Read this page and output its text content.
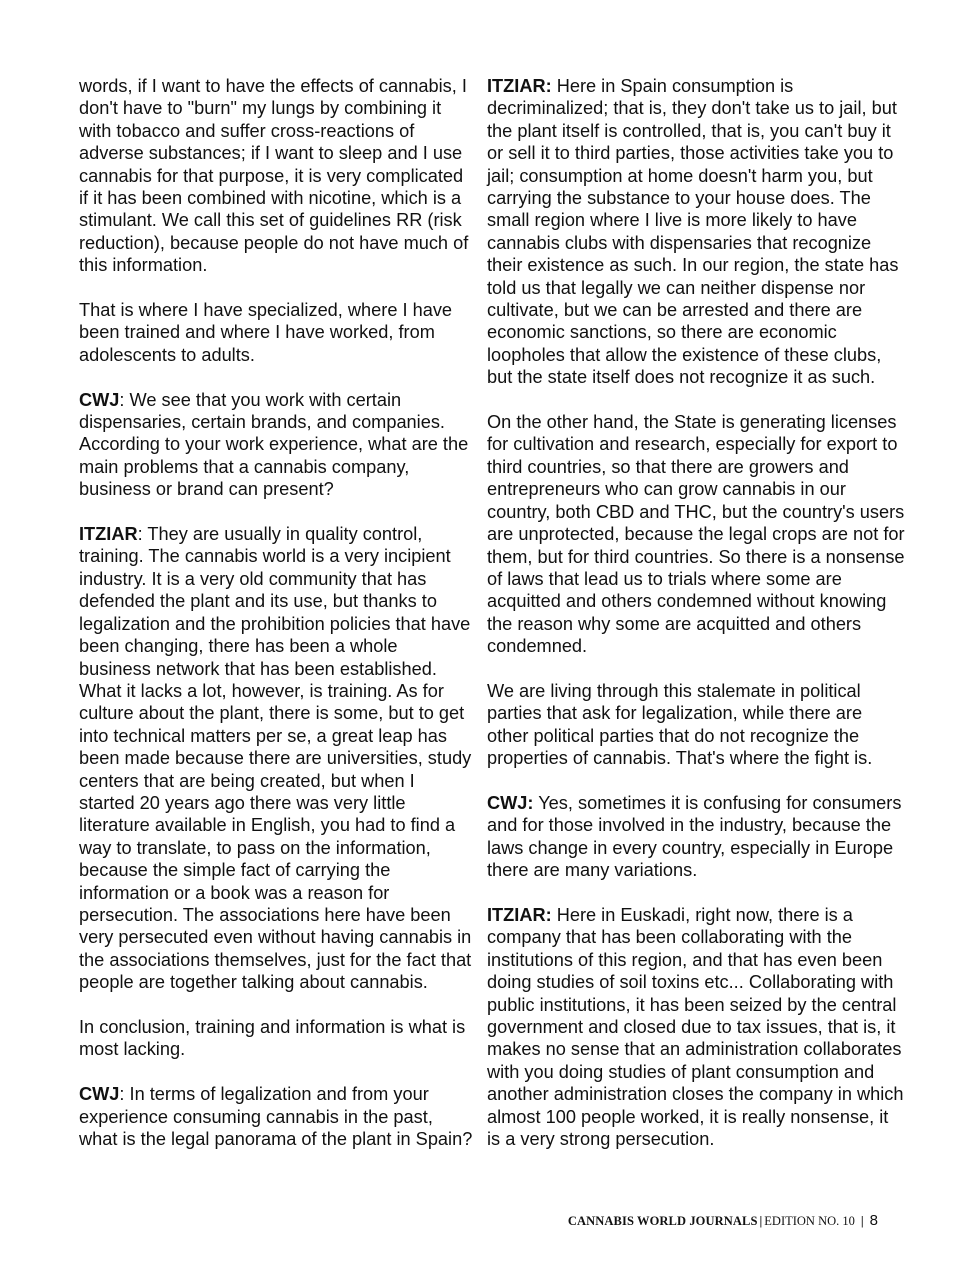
words, if I want to have the effects of cannabis, I don't have to "burn" my lungs by combining it with tobacco and suffer cross-reactions of adverse substances; if I want to sleep and I use cannabis for that purpose, it is very complicated if it has been combined with nicotine, which is a stimulant. We call this set of guidelines RR (risk reduction), because people do not have much of this information.

That is where I have specialized, where I have been trained and where I have worked, from adolescents to adults.

CWJ: We see that you work with certain dispensaries, certain brands, and companies. According to your work experience, what are the main problems that a cannabis company, business or brand can present?

ITZIAR: They are usually in quality control, training. The cannabis world is a very incipient industry. It is a very old community that has defended the plant and its use, but thanks to legalization and the prohibition policies that have been changing, there has been a whole business network that has been established. What it lacks a lot, however, is training. As for culture about the plant, there is some, but to get into technical matters per se, a great leap has been made because there are universities, study centers that are being created, but when I started 20 years ago there was very little literature available in English, you had to find a way to translate, to pass on the information, because the simple fact of carrying the information or a book was a reason for persecution. The associations here have been very persecuted even without having cannabis in the associations themselves, just for the fact that people are together talking about cannabis.

In conclusion, training and information is what is most lacking.

CWJ: In terms of legalization and from your experience consuming cannabis in the past, what is the legal panorama of the plant in Spain?

ITZIAR: Here in Spain consumption is decriminalized; that is, they don't take us to jail, but the plant itself is controlled, that is, you can't buy it or sell it to third parties, those activities take you to jail; consumption at home doesn't harm you, but carrying the substance to your house does. The small region where I live is more likely to have cannabis clubs with dispensaries that recognize their existence as such. In our region, the state has told us that legally we can neither dispense nor cultivate, but we can be arrested and there are economic sanctions, so there are economic loopholes that allow the existence of these clubs, but the state itself does not recognize it as such.

On the other hand, the State is generating licenses for cultivation and research, especially for export to third countries, so that there are growers and entrepreneurs who can grow cannabis in our country, both CBD and THC, but the country's users are unprotected, because the legal crops are not for them, but for third countries. So there is a nonsense of laws that lead us to trials where some are acquitted and others condemned without knowing the reason why some are acquitted and others condemned.

We are living through this stalemate in political parties that ask for legalization, while there are other political parties that do not recognize the properties of cannabis. That's where the fight is.

CWJ: Yes, sometimes it is confusing for consumers and for those involved in the industry, because the laws change in every country, especially in Europe there are many variations.

ITZIAR: Here in Euskadi, right now, there is a company that has been collaborating with the institutions of this region, and that has even been doing studies of soil toxins etc... Collaborating with public institutions, it has been seized by the central government and closed due to tax issues, that is, it makes no sense that an administration collaborates with you doing studies of plant consumption and another administration closes the company in which almost 100 people worked, it is really nonsense, it is a very strong persecution.

CANNABIS WORLD JOURNALS | EDITION NO. 10 | 8
